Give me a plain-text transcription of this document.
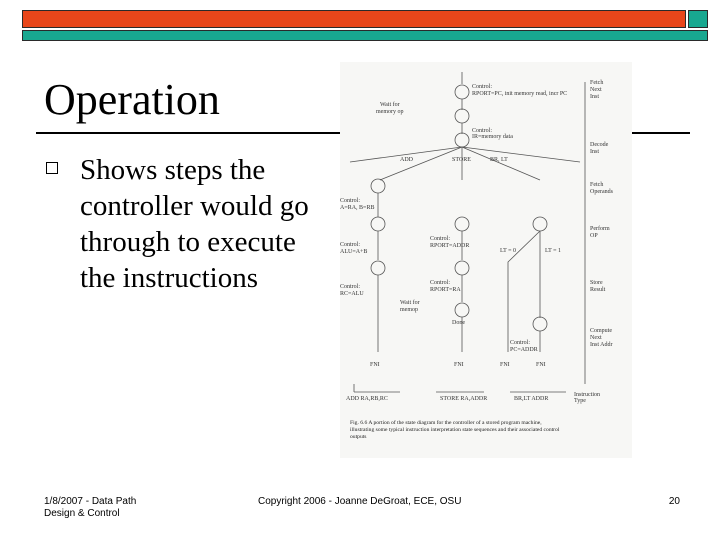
Operation
Shows steps the controller would go through to execute the instructions
Wait for
memory op
Control:
RPORT=PC, init memory read, incr PC
Control:
IR=memory data
Fetch
Next
Inst
Decode
Inst
ADD	STORE	BR, LT
Fetch
Operands
Control:
A=RA, B=RB
Control:
ALU=A+B
Control:
RC=ALU
Control:
RPORT=ADDR
Control:
RPORT=RA
Wait for
memop
Done
LT = 0	LT = 1
Control:
PC=ADDR
Perform
OP
Store
Result
Compute
Next
Inst Addr
FNI	FNI	FNI	FNI
ADD RA,RB,RC	STORE RA,ADDR	BR,LT ADDR
Instruction
Type
Fig. 6.6 A portion of the state diagram for the controller of a stored program machine,
illustrating some typical instruction interpretation state sequences and their associated control
outputs
1/8/2007 - Data Path
Design & Control
Copyright 2006 - Joanne DeGroat, ECE, OSU	20
